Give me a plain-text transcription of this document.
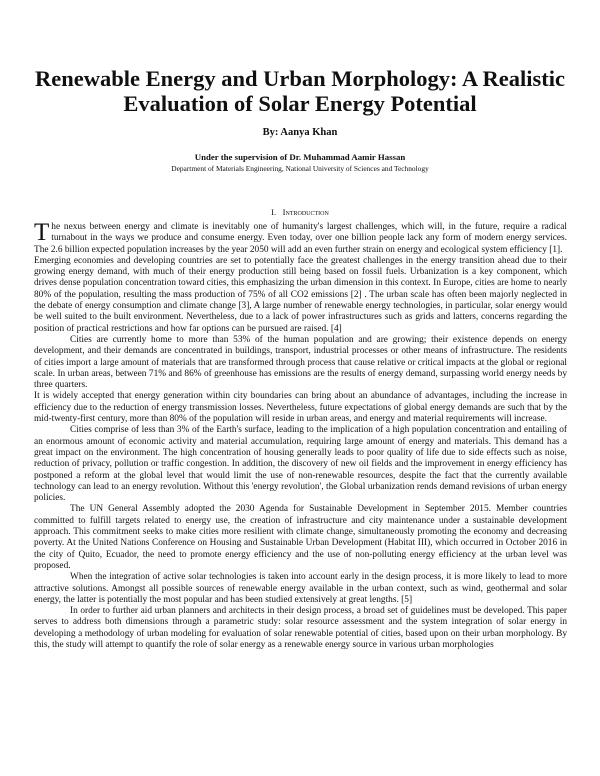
Renewable Energy and Urban Morphology: A Realistic
Evaluation of Solar Energy Potential
By: Aanya Khan
Under the supervision of Dr. Muhammad Aamir Hassan
Department of Materials Engineering, National University of Sciences and Technology
I. Introduction

The nexus between energy and climate is inevitably one of humanity's largest challenges, which will, in the future, require a radical turnabout in the ways we produce and consume energy. Even today, over one billion people lack any form of modern energy services. The 2.6 billion expected population increases by the year 2050 will add an even further strain on energy and ecological system efficiency [1].

Emerging economies and developing countries are set to potentially face the greatest challenges in the energy transition ahead due to their growing energy demand, with much of their energy production still being based on fossil fuels. Urbanization is a key component, which drives dense population concentration toward cities, this emphasizing the urban dimension in this context. In Europe, cities are home to nearly 80% of the population, resulting the mass production of 75% of all CO2 emissions [2] . The urban scale has often been majorly neglected in the debate of energy consumption and climate change [3], A large number of renewable energy technologies, in particular, solar energy would be well suited to the built environment. Nevertheless, due to a lack of power infrastructures such as grids and latters, concerns regarding the position of practical restrictions and how far options can be pursued are raised. [4]

Cities are currently home to more than 53% of the human population and are growing; their existence depends on energy development, and their demands are concentrated in buildings, transport, industrial processes or other means of infrastructure. The residents of cities import a large amount of materials that are transformed through process that cause relative or critical impacts at the global or regional scale. In urban areas, between 71% and 86% of greenhouse has emissions are the results of energy demand, surpassing world energy needs by three quarters.

It is widely accepted that energy generation within city boundaries can bring about an abundance of advantages, including the increase in efficiency due to the reduction of energy transmission losses. Nevertheless, future expectations of global energy demands are such that by the mid-twenty-first century, more than 80% of the population will reside in urban areas, and energy and material requirements will increase.

Cities comprise of less than 3% of the Earth's surface, leading to the implication of a high population concentration and entailing of an enormous amount of economic activity and material accumulation, requiring large amount of energy and materials. This demand has a great impact on the environment. The high concentration of housing generally leads to poor quality of life due to side effects such as noise, reduction of privacy, pollution or traffic congestion. In addition, the discovery of new oil fields and the improvement in energy efficiency has postponed a reform at the global level that would limit the use of non-renewable resources, despite the fact that the currently available technology can lead to an energy revolution. Without this 'energy revolution', the Global urbanization rends demand revisions of urban energy policies.

The UN General Assembly adopted the 2030 Agenda for Sustainable Development in September 2015. Member countries committed to fulfill targets related to energy use, the creation of infrastructure and city maintenance under a sustainable development approach. This commitment seeks to make cities more resilient with climate change, simultaneously promoting the economy and decreasing poverty. At the United Nations Conference on Housing and Sustainable Urban Development (Habitat III), which occurred in October 2016 in the city of Quito, Ecuador, the need to promote energy efficiency and the use of non-polluting energy efficiency at the urban level was proposed.

When the integration of active solar technologies is taken into account early in the design process, it is more likely to lead to more attractive solutions. Amongst all possible sources of renewable energy available in the urban context, such as wind, geothermal and solar energy, the latter is potentially the most popular and has been studied extensively at great lengths. [5]

In order to further aid urban planners and architects in their design process, a broad set of guidelines must be developed. This paper serves to address both dimensions through a parametric study: solar resource assessment and the system integration of solar energy in developing a methodology of urban modeling for evaluation of solar renewable potential of cities, based upon on their urban morphology. By this, the study will attempt to quantify the role of solar energy as a renewable energy source in various urban morphologies
